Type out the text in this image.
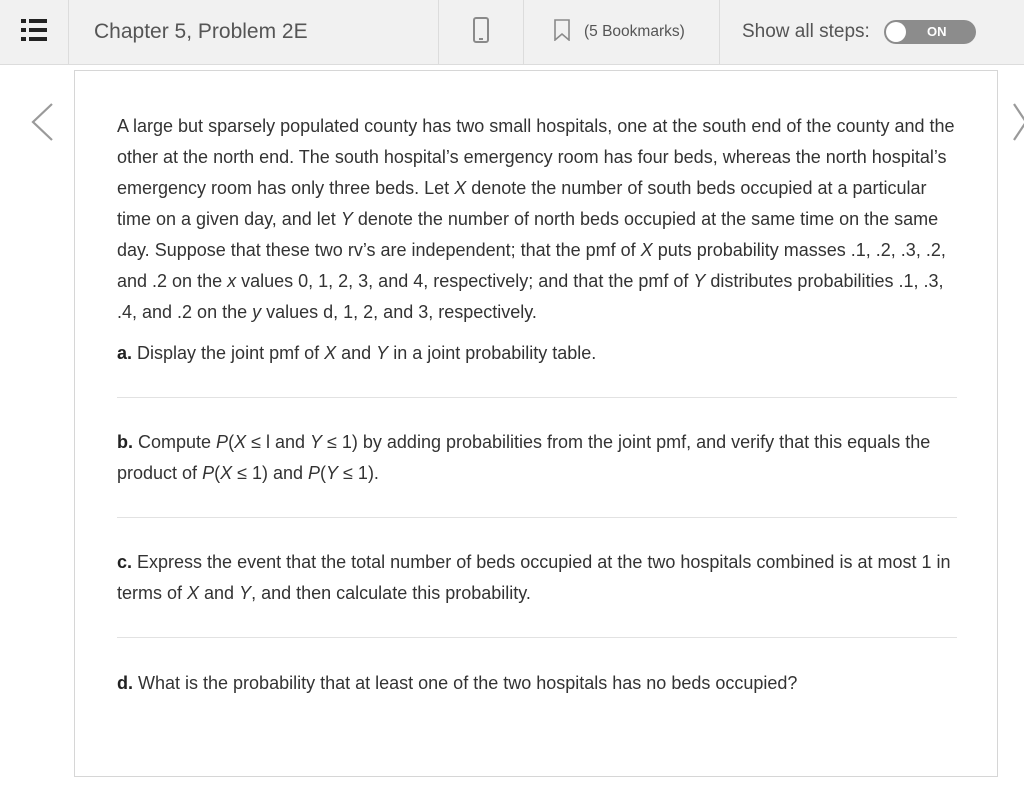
Chapter 5, Problem 2E	(5 Bookmarks)	Show all steps:	ON

A large but sparsely populated county has two small hospitals, one at the south end of the county and the other at the north end. The south hospital’s emergency room has four beds, whereas the north hospital’s emergency room has only three beds. Let X denote the number of south beds occupied at a particular time on a given day, and let Y denote the number of north beds occupied at the same time on the same day. Suppose that these two rv’s are independent; that the pmf of X puts probability masses .1, .2, .3, .2, and .2 on the x values 0, 1, 2, 3, and 4, respectively; and that the pmf of Y distributes probabilities .1, .3, .4, and .2 on the y values d, 1, 2, and 3, respectively.

a. Display the joint pmf of X and Y in a joint probability table.

b. Compute P(X ≤ l and Y ≤ 1) by adding probabilities from the joint pmf, and verify that this equals the product of P(X ≤ 1) and P(Y ≤ 1).

c. Express the event that the total number of beds occupied at the two hospitals combined is at most 1 in terms of X and Y, and then calculate this probability.

d. What is the probability that at least one of the two hospitals has no beds occupied?
